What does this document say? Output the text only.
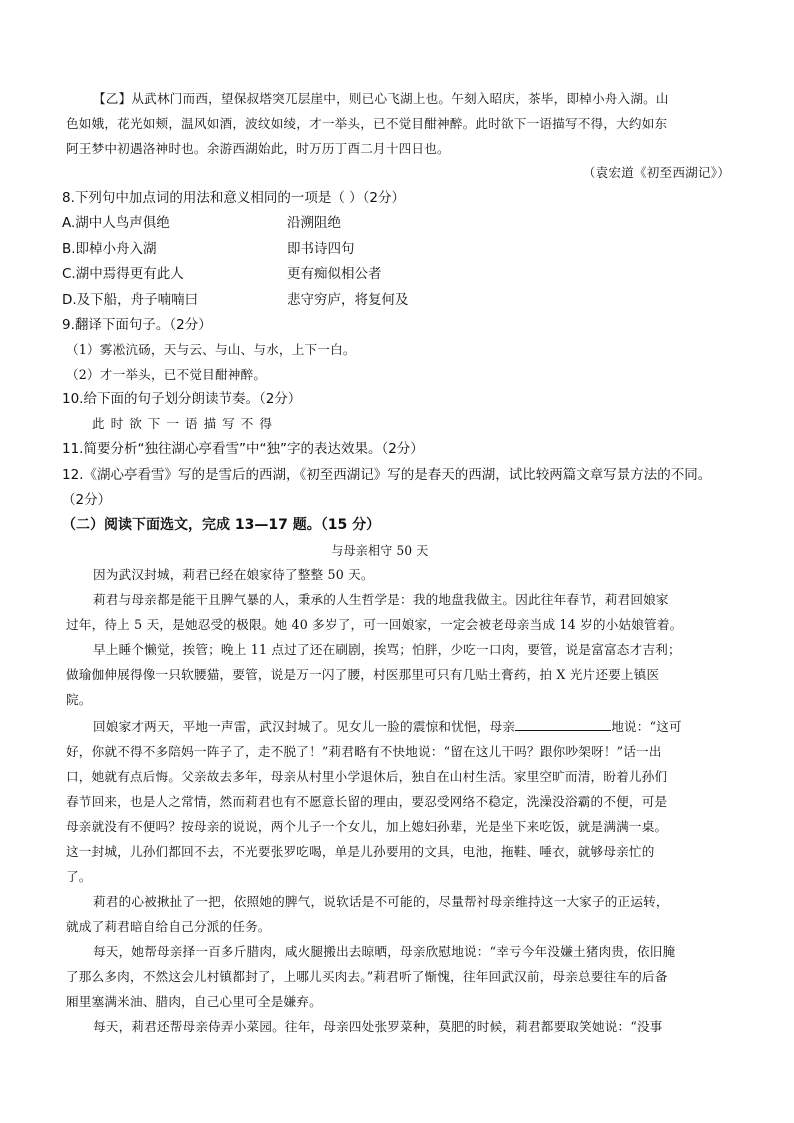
【乙】从武林门而西，望保叔塔突兀层崖中，则已心飞湖上也。午刻入昭庆，茶毕，即棹小舟入湖。山
色如娥，花光如颊，温风如酒，波纹如绫，才一举头，已不觉目酣神醉。此时欲下一语描写不得，大约如东
阿王梦中初遇洛神时也。余游西湖始此，时万历丁酉二月十四日也。
（袁宏道《初至西湖记》）
8.下列句中加点词的用法和意义相同的一项是（ ）（2分）
A.湖中人鸟声俱绝	沿溯阻绝
B.即棹小舟入湖	即书诗四句
C.湖中焉得更有此人	更有痴似相公者
D.及下船，舟子喃喃曰	悲守穷庐，将复何及
9.翻译下面句子。（2分）
（1）雾凇沆砀，天与云、与山、与水，上下一白。
（2）才一举头，已不觉目酣神醉。
10.给下面的句子划分朗读节奏。（2分）
此时欲下一语描写不得
11.简要分析“独往湖心亭看雪”中“独”字的表达效果。（2分）
12.《湖心亭看雪》写的是雪后的西湖，《初至西湖记》写的是春天的西湖，试比较两篇文章写景方法的不同。
（2分）
（二）阅读下面选文，完成 13—17 题。（15 分）
与母亲相守 50 天
因为武汉封城，莉君已经在娘家待了整整 50 天。
莉君与母亲都是能干且脾气暴的人，秉承的人生哲学是：我的地盘我做主。因此往年春节，莉君回娘家
过年，待上 5 天，是她忍受的极限。她 40 多岁了，可一回娘家，一定会被老母亲当成 14 岁的小姑娘管着。
早上睡个懒觉，挨管；晚上 11 点过了还在刷剧，挨骂；怕胖，少吃一口肉，要管，说是富富态才吉利；
做瑜伽伸展得像一只软腰猫，要管，说是万一闪了腰，村医那里可只有几贴土膏药，拍 X 光片还要上镇医
院。
回娘家才两天，平地一声雷，武汉封城了。见女儿一脸的震惊和忧悒，母亲	地说：“这可
好，你就不得不多陪妈一阵子了，走不脱了！”莉君略有不快地说：“留在这儿干吗？跟你吵架呀！”话一出
口，她就有点后悔。父亲故去多年，母亲从村里小学退休后，独自在山村生活。家里空旷而清，盼着儿孙们
春节回来，也是人之常情，然而莉君也有不愿意长留的理由，要忍受网络不稳定，洗澡没浴霸的不便，可是
母亲就没有不便吗？按母亲的说说，两个儿子一个女儿，加上媳妇孙辈，光是坐下来吃饭，就是满满一桌。
这一封城，儿孙们都回不去，不光要张罗吃喝，单是儿孙要用的文具，电池，拖鞋、唾衣，就够母亲忙的
了。
莉君的心被揪扯了一把，依照她的脾气，说软话是不可能的，尽量帮衬母亲维持这一大家子的正运转，
就成了莉君暗自给自己分派的任务。
每天，她帮母亲择一百多斤腊肉，咸火腿搬出去晾晒，母亲欣慰地说：“幸亏今年没嫌土猪肉贵，依旧腌
了那么多肉，不然这会儿村镇都封了，上哪儿买肉去。”莉君听了惭愧，往年回武汉前，母亲总要往车的后备
厢里塞满米油、腊肉，自己心里可全是嫌弃。
每天，莉君还帮母亲侍弄小菜园。往年，母亲四处张罗菜种，莫肥的时候，莉君都要取笑她说：“没事
